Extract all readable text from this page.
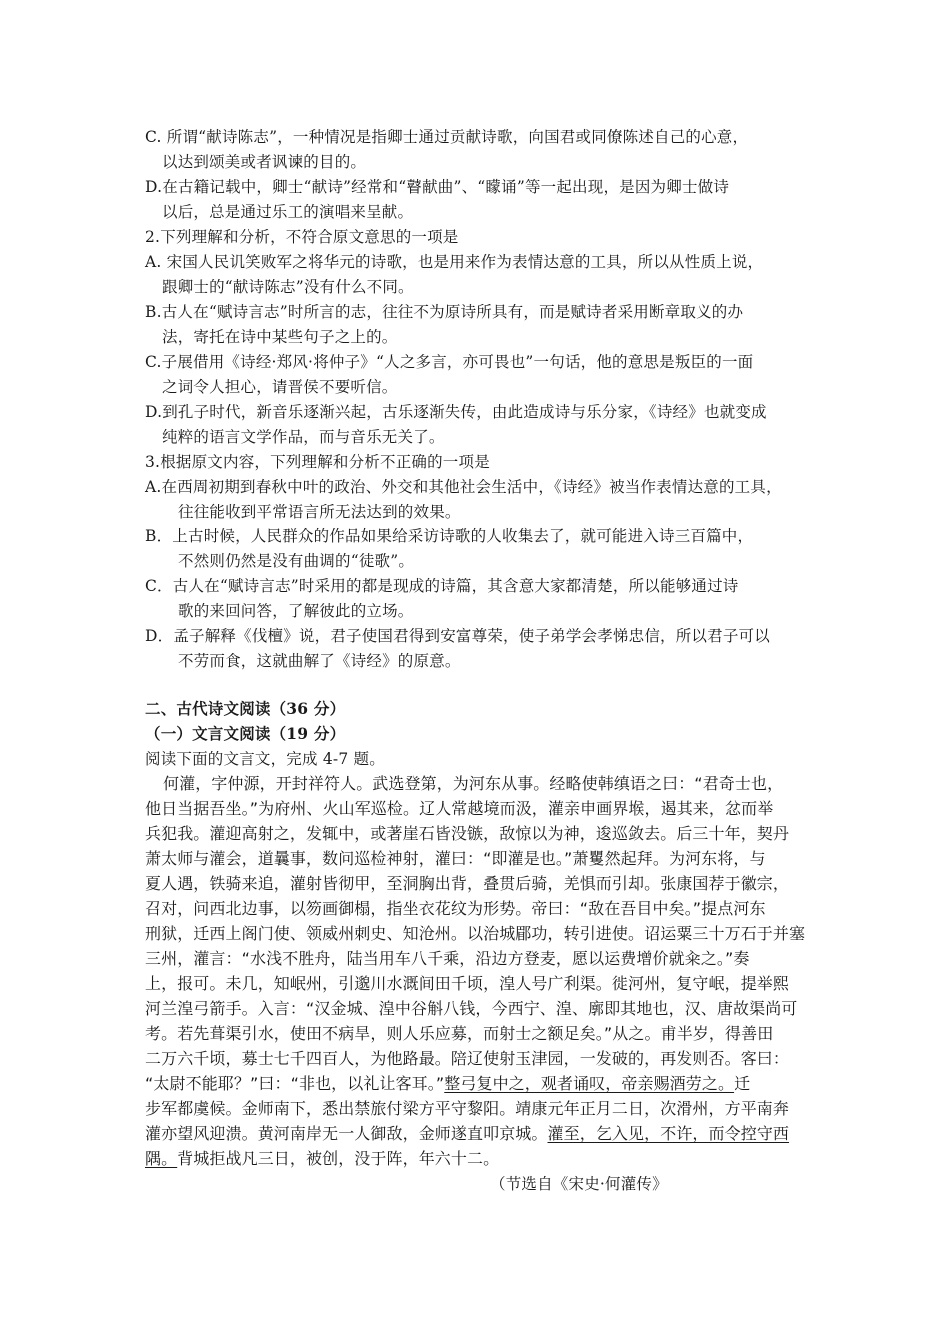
C. 所谓“献诗陈志”，一种情况是指卿士通过贡献诗歌，向国君或同僚陈述自己的心意，
以达到颂美或者讽谏的目的。
D.在古籍记载中，卿士“献诗”经常和“瞽献曲”、“矇诵”等一起出现，是因为卿士做诗
以后，总是通过乐工的演唱来呈献。
2.下列理解和分析，不符合原文意思的一项是
A. 宋国人民讥笑败军之将华元的诗歌，也是用来作为表情达意的工具，所以从性质上说，
跟卿士的“献诗陈志”没有什么不同。
B.古人在“赋诗言志”时所言的志，往往不为原诗所具有，而是赋诗者采用断章取义的办
法，寄托在诗中某些句子之上的。
C.子展借用《诗经·郑风·将仲子》“人之多言，亦可畏也”一句话，他的意思是叛臣的一面
之词令人担心，请晋侯不要听信。
D.到孔子时代，新音乐逐渐兴起，古乐逐渐失传，由此造成诗与乐分家，《诗经》也就变成
纯粹的语言文学作品，而与音乐无关了。
3.根据原文内容，下列理解和分析不正确的一项是
A.在西周初期到春秋中叶的政治、外交和其他社会生活中，《诗经》被当作表情达意的工具，
往往能收到平常语言所无法达到的效果。
B．上古时候，人民群众的作品如果给采访诗歌的人收集去了，就可能进入诗三百篇中，
不然则仍然是没有曲调的“徒歌”。
C．古人在“赋诗言志”时采用的都是现成的诗篇，其含意大家都清楚，所以能够通过诗
歌的来回问答，了解彼此的立场。
D．孟子解释《伐檀》说，君子使国君得到安富尊荣，使子弟学会孝悌忠信，所以君子可以
不劳而食，这就曲解了《诗经》的原意。
二、古代诗文阅读（36 分）
（一）文言文阅读（19 分）
阅读下面的文言文，完成 4-7 题。
何灌，字仲源，开封祥符人。武选登第，为河东从事。经略使韩缜语之曰：“君奇士也，
他日当据吾坐。”为府州、火山军巡检。辽人常越境而汲，灌亲申画界堠，遏其来，忿而举
兵犯我。灌迎高射之，发辄中，或著崖石皆没镞，敌惊以为神，逡巡敛去。后三十年，契丹
萧太师与灌会，道曩事，数问巡检神射，灌曰：“即灌是也。”萧矍然起拜。为河东将，与
夏人遇，铁骑来追，灌射皆彻甲，至洞胸出背，叠贯后骑，羌惧而引却。张康国荐于徽宗，
召对，问西北边事，以笏画御榻，指坐衣花纹为形势。帝曰：“敌在吾目中矣。”提点河东
刑狱，迁西上阁门使、领威州刺史、知沧州。以治城郿功，转引进使。诏运粟三十万石于并塞
三州，灌言：“水浅不胜舟，陆当用车八千乘，沿边方登麦，愿以运费增价就籴之。”奏
上，报可。未几，知岷州，引邈川水溉间田千顷，湟人号广利渠。徙河州，复守岷，提举熙
河兰湟弓箭手。入言：“汉金城、湟中谷斛八钱，今西宁、湟、廓即其地也，汉、唐故渠尚可
考。若先葺渠引水，使田不病旱，则人乐应募，而射士之额足矣。”从之。甫半岁，得善田
二万六千顷，募士七千四百人，为他路最。陪辽使射玉津园，一发破的，再发则否。客曰：
“太尉不能耶？”曰：“非也，以礼让客耳。”整弓复中之，观者诵叹，帝亲赐酒劳之。迁
步军都虞候。金师南下，悉出禁旅付梁方平守黎阳。靖康元年正月二日，次滑州，方平南奔
灌亦望风迎溃。黄河南岸无一人御敌，金师遂直叩京城。灌至，乞入见，不许，而令控守西
隅。背城拒战凡三日，被创，没于阵，年六十二。
（节选自《宋史·何灌传》
